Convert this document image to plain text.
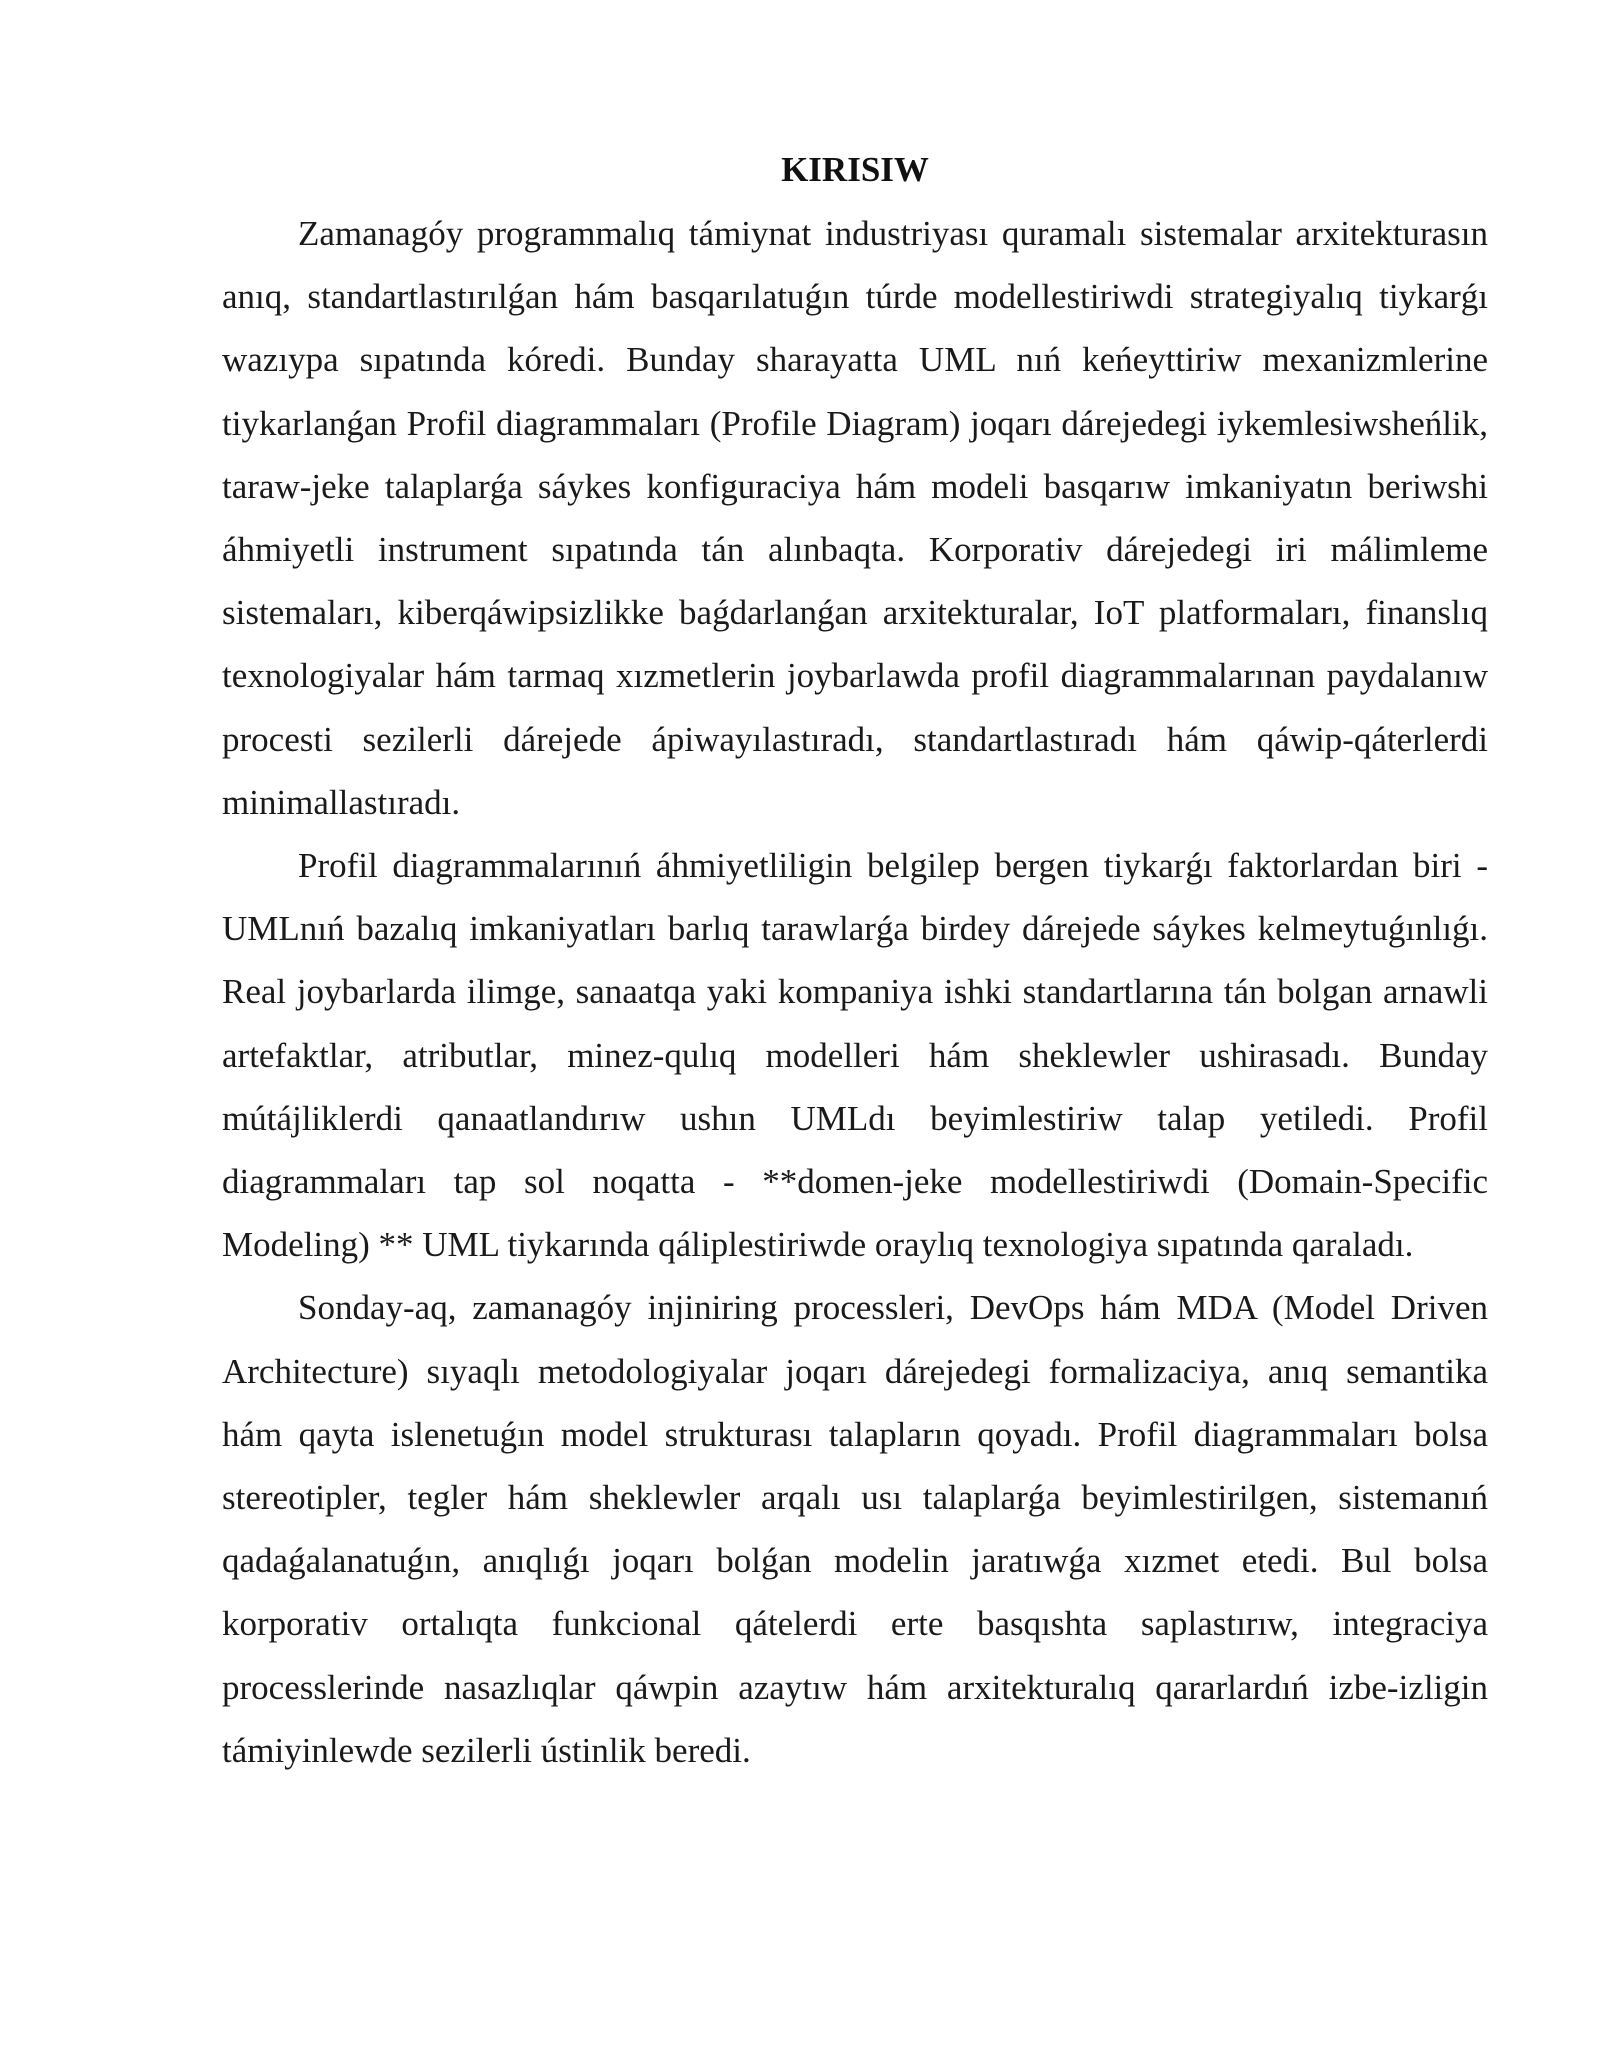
KIRISIW

Zamanagóy programmalıq támiynat industriyası quramalı sistemalar arxitekturasın anıq, standartlastırılǵan hám basqarılatuǵın túrde modellestiriwdi strategiyalıq tiykarǵı wazıypa sıpatında kóredi. Bunday sharayatta UML nıń keńeyttiriw mexanizmlerine tiykarlanǵan Profil diagrammaları (Profile Diagram) joqarı dárejedegi iykemlesiwsheńlik, taraw-jeke talaplarǵa sáykes konfiguraciya hám modeli basqarıw imkaniyatın beriwshi áhmiyetli instrument sıpatında tán alınbaqta. Korporativ dárejedegi iri málimleme sistemaları, kiberqáwipsizlikke baǵdarlanǵan arxitekturalar, IoT platformaları, finanslıq texnologiyalar hám tarmaq xızmetlerin joybarlawda profil diagrammalarınan paydalanıw procesti sezilerli dárejede ápiwayılastıradı, standartlastıradı hám qáwip-qáterlerdi minimallastıradı.

Profil diagrammalarınıń áhmiyetliligin belgilep bergen tiykarǵı faktorlardan biri - UMLnıń bazalıq imkaniyatları barlıq tarawlarǵa birdey dárejede sáykes kelmeytuǵınlıǵı. Real joybarlarda ilimge, sanaatqa yaki kompaniya ishki standartlarına tán bolgan arnawli artefaktlar, atributlar, minez-qulıq modelleri hám sheklewler ushirasadı. Bunday mútájliklerdi qanaatlandırıw ushın UMLdı beyimlestiriw talap yetiledi. Profil diagrammaları tap sol noqatta - **domen-jeke modellestiriwdi (Domain-Specific Modeling) ** UML tiykarında qáliplestiriwde oraylıq texnologiya sıpatında qaraladı.

Sonday-aq, zamanagóy injiniring processleri, DevOps hám MDA (Model Driven Architecture) sıyaqlı metodologiyalar joqarı dárejedegi formalizaciya, anıq semantika hám qayta islenetuǵın model strukturası talapların qoyadı. Profil diagrammaları bolsa stereotipler, tegler hám sheklewler arqalı usı talaplarǵa beyimlestirilgen, sistemanıń qadaǵalanatuǵın, anıqlıǵı joqarı bolǵan modelin jaratıwǵa xızmet etedi. Bul bolsa korporativ ortalıqta funkcional qátelerdi erte basqıshta saplastırıw, integraciya processlerinde nasazlıqlar qáwpin azaytıw hám arxitekturalıq qararlardıń izbe-izligin támiyinlewde sezilerli ústinlik beredi.
